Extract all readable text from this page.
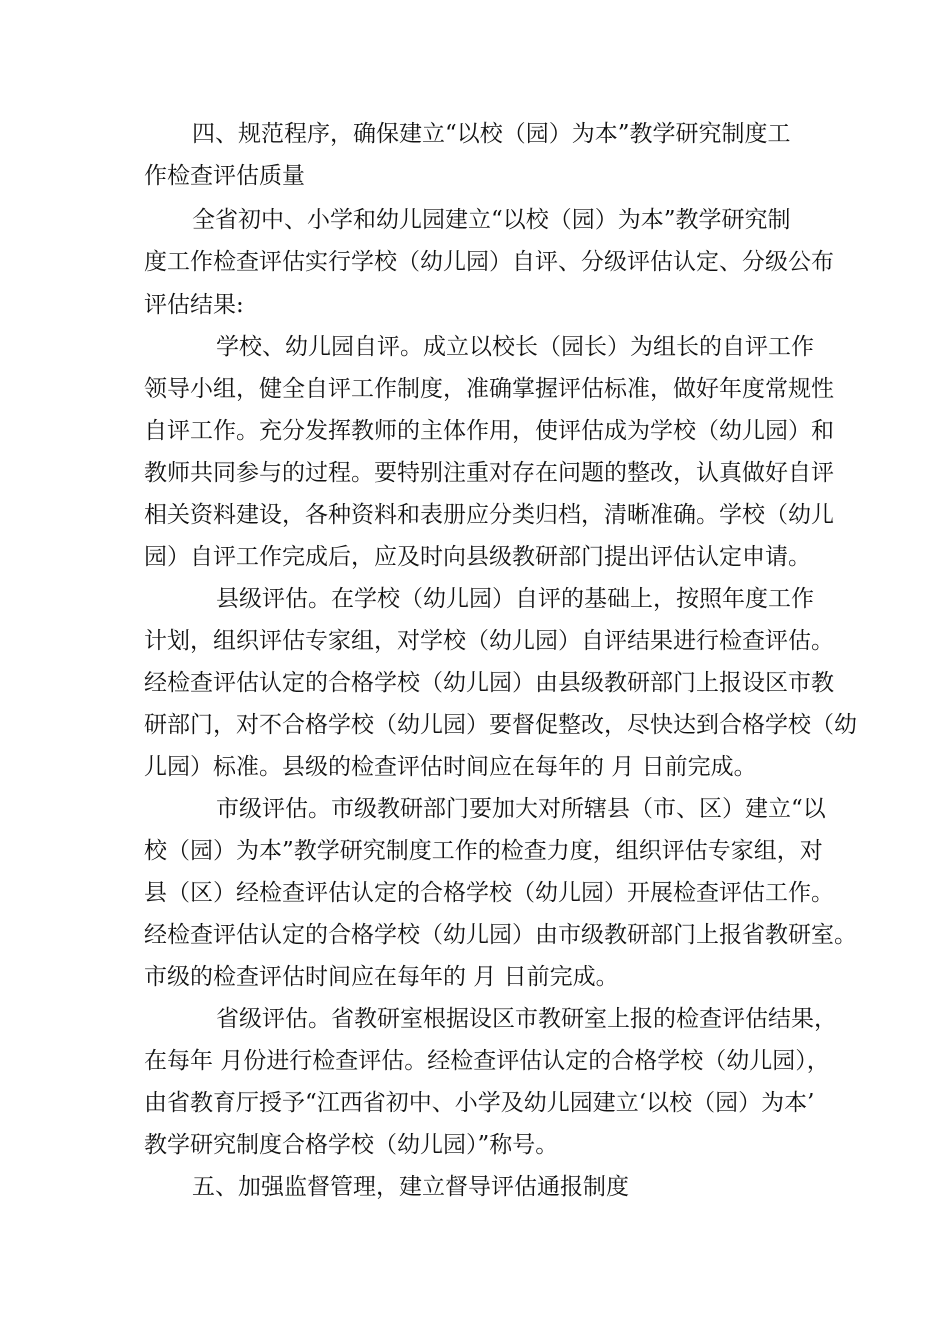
四、规范程序，确保建立“以校（园）为本”教学研究制度工
作检查评估质量
全省初中、小学和幼儿园建立“以校（园）为本”教学研究制
度工作检查评估实行学校（幼儿园）自评、分级评估认定、分级公布
评估结果:
学校、幼儿园自评。成立以校长（园长）为组长的自评工作
领导小组，健全自评工作制度，准确掌握评估标准，做好年度常规性
自评工作。充分发挥教师的主体作用，使评估成为学校（幼儿园）和
教师共同参与的过程。要特别注重对存在问题的整改，认真做好自评
相关资料建设，各种资料和表册应分类归档，清晰准确。学校（幼儿
园）自评工作完成后，应及时向县级教研部门提出评估认定申请。
县级评估。在学校（幼儿园）自评的基础上，按照年度工作
计划，组织评估专家组，对学校（幼儿园）自评结果进行检查评估。
经检查评估认定的合格学校（幼儿园）由县级教研部门上报设区市教
研部门，对不合格学校（幼儿园）要督促整改，尽快达到合格学校（幼
儿园）标准。县级的检查评估时间应在每年的 月 日前完成。
市级评估。市级教研部门要加大对所辖县（市、区）建立“以
校（园）为本”教学研究制度工作的检查力度，组织评估专家组，对
县（区）经检查评估认定的合格学校（幼儿园）开展检查评估工作。
经检查评估认定的合格学校（幼儿园）由市级教研部门上报省教研室。
市级的检查评估时间应在每年的 月 日前完成。
省级评估。省教研室根据设区市教研室上报的检查评估结果，
在每年 月份进行检查评估。经检查评估认定的合格学校（幼儿园），
由省教育厅授予“江西省初中、小学及幼儿园建立‘以校（园）为本’
教学研究制度合格学校（幼儿园）”称号。
五、加强监督管理，建立督导评估通报制度
